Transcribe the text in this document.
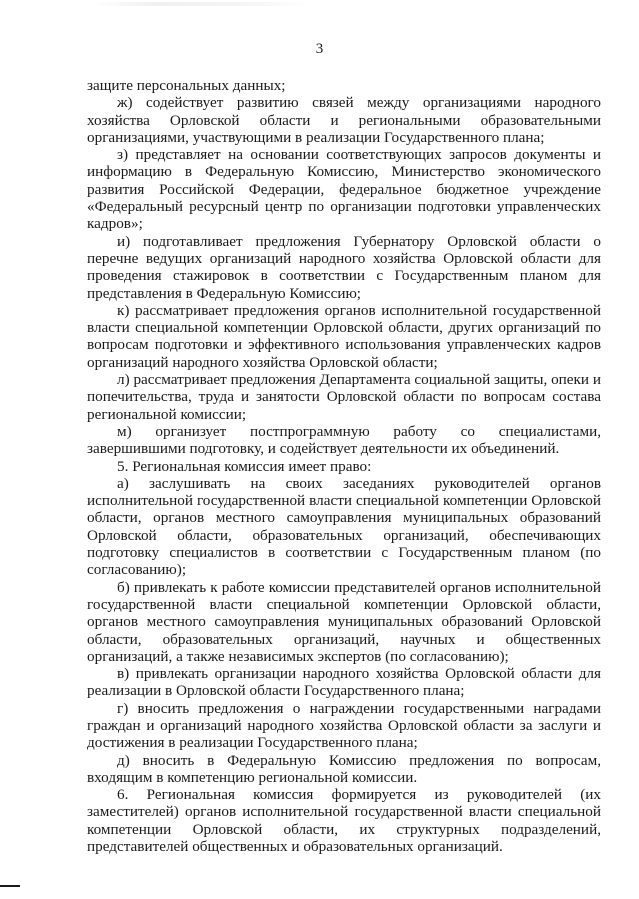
3

защите персональных данных;

ж) содействует развитию связей между организациями народного хозяйства Орловской области и региональными образовательными организациями, участвующими в реализации Государственного плана;

з) представляет на основании соответствующих запросов документы и информацию в Федеральную Комиссию, Министерство экономического развития Российской Федерации, федеральное бюджетное учреждение «Федеральный ресурсный центр по организации подготовки управленческих кадров»;

и) подготавливает предложения Губернатору Орловской области о перечне ведущих организаций народного хозяйства Орловской области для проведения стажировок в соответствии с Государственным планом для представления в Федеральную Комиссию;

к) рассматривает предложения органов исполнительной государственной власти специальной компетенции Орловской области, других организаций по вопросам подготовки и эффективного использования управленческих кадров организаций народного хозяйства Орловской области;

л) рассматривает предложения Департамента социальной защиты, опеки и попечительства, труда и занятости Орловской области по вопросам состава региональной комиссии;

м) организует постпрограммную работу со специалистами, завершившими подготовку, и содействует деятельности их объединений.

5. Региональная комиссия имеет право:

а) заслушивать на своих заседаниях руководителей органов исполнительной государственной власти специальной компетенции Орловской области, органов местного самоуправления муниципальных образований Орловской области, образовательных организаций, обеспечивающих подготовку специалистов в соответствии с Государственным планом (по согласованию);

б) привлекать к работе комиссии представителей органов исполнительной государственной власти специальной компетенции Орловской области, органов местного самоуправления муниципальных образований Орловской области, образовательных организаций, научных и общественных организаций, а также независимых экспертов (по согласованию);

в) привлекать организации народного хозяйства Орловской области для реализации в Орловской области Государственного плана;

г) вносить предложения о награждении государственными наградами граждан и организаций народного хозяйства Орловской области за заслуги и достижения в реализации Государственного плана;

д) вносить в Федеральную Комиссию предложения по вопросам, входящим в компетенцию региональной комиссии.

6. Региональная комиссия формируется из руководителей (их заместителей) органов исполнительной государственной власти специальной компетенции Орловской области, их структурных подразделений, представителей общественных и образовательных организаций.
